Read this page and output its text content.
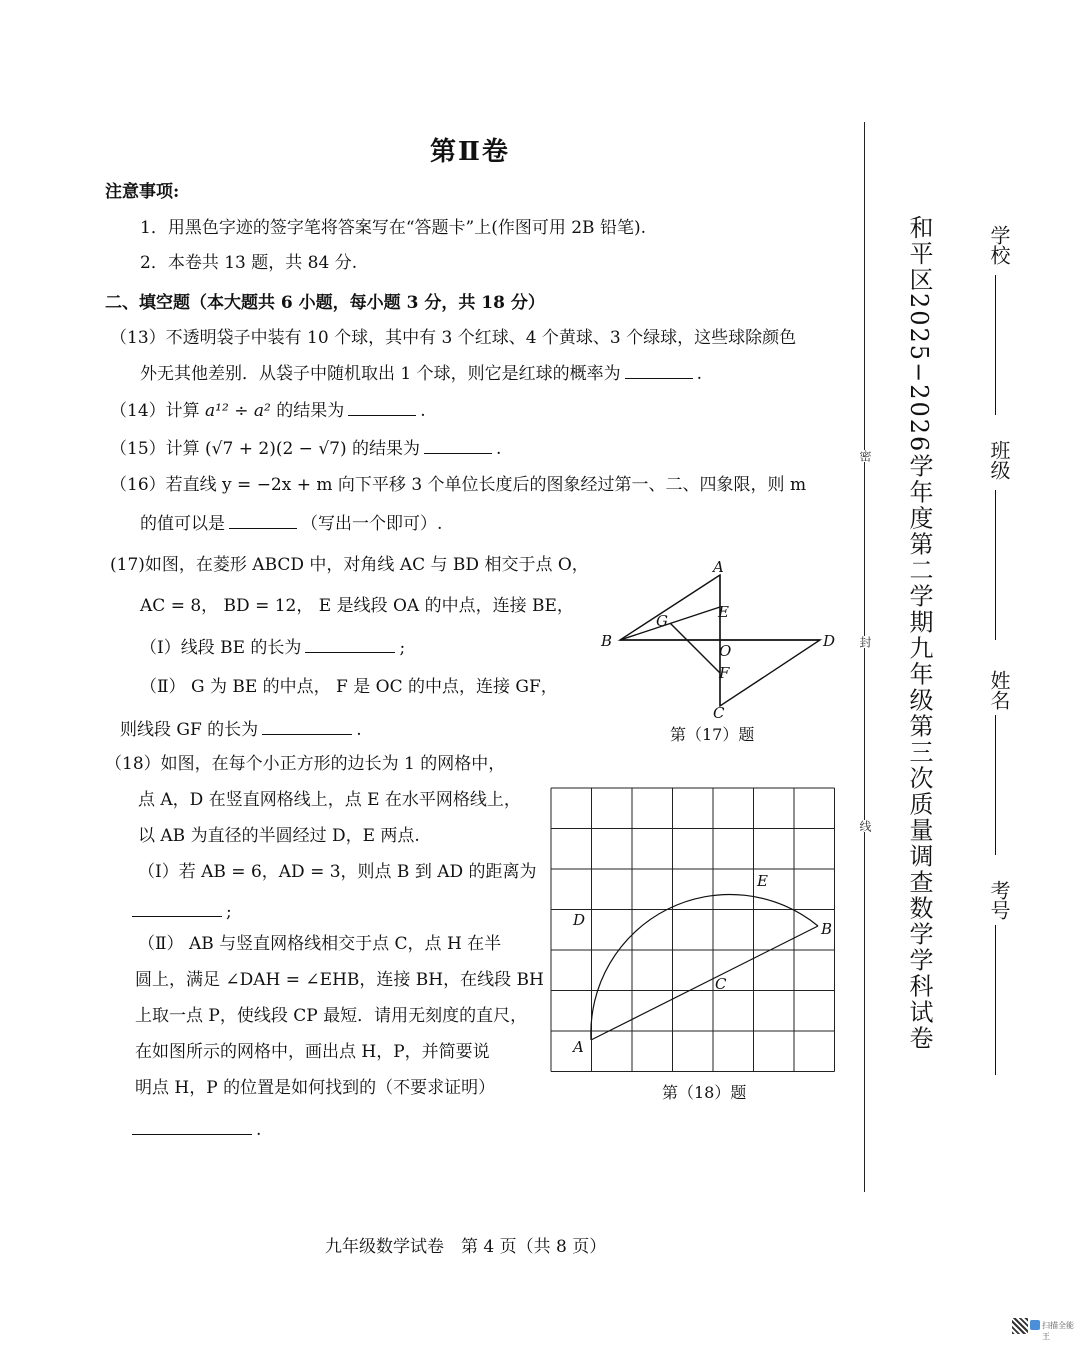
第Ⅱ卷
注意事项:
1．用黑色字迹的签字笔将答案写在“答题卡”上(作图可用 2B 铅笔).
2．本卷共 13 题，共 84 分.
二、填空题（本大题共 6 小题，每小题 3 分，共 18 分）
（13）不透明袋子中装有 10 个球，其中有 3 个红球、4 个黄球、3 个绿球，这些球除颜色
外无其他差别．从袋子中随机取出 1 个球，则它是红球的概率为	.
（14）计算 a¹² ÷ a² 的结果为	.
（15）计算 (√7 + 2)(2 − √7) 的结果为	.
（16）若直线 y = −2x + m 向下平移 3 个单位长度后的图象经过第一、二、四象限，则 m
的值可以是	（写出一个即可）.
(17)如图，在菱形 ABCD 中，对角线 AC 与 BD 相交于点 O，
AC = 8， BD = 12， E 是线段 OA 的中点，连接 BE，
（Ⅰ）线段 BE 的长为	;
（Ⅱ） G 为 BE 的中点， F 是 OC 的中点，连接 GF，
则线段 GF 的长为	.
A
B
C
D
E
F
G
O
第（17）题
（18）如图，在每个小正方形的边长为 1 的网格中，
点 A，D 在竖直网格线上，点 E 在水平网格线上，
以 AB 为直径的半圆经过 D，E 两点.
（Ⅰ）若 AB = 6，AD = 3，则点 B 到 AD 的距离为
;
（Ⅱ） AB 与竖直网格线相交于点 C，点 H 在半
圆上，满足 ∠DAH = ∠EHB，连接 BH，在线段 BH
上取一点 P，使线段 CP 最短．请用无刻度的直尺，
在如图所示的网格中，画出点 H，P，并简要说
明点 H，P 的位置是如何找到的（不要求证明）
.
A
B
C
D
E
第（18）题
密
封
线 和平区2025−2026学年度第二学期九年级第三次质量调查数学学科试卷	学校
班级
姓名
考号
九年级数学试卷　第 4 页（共 8 页）
扫描全能王
